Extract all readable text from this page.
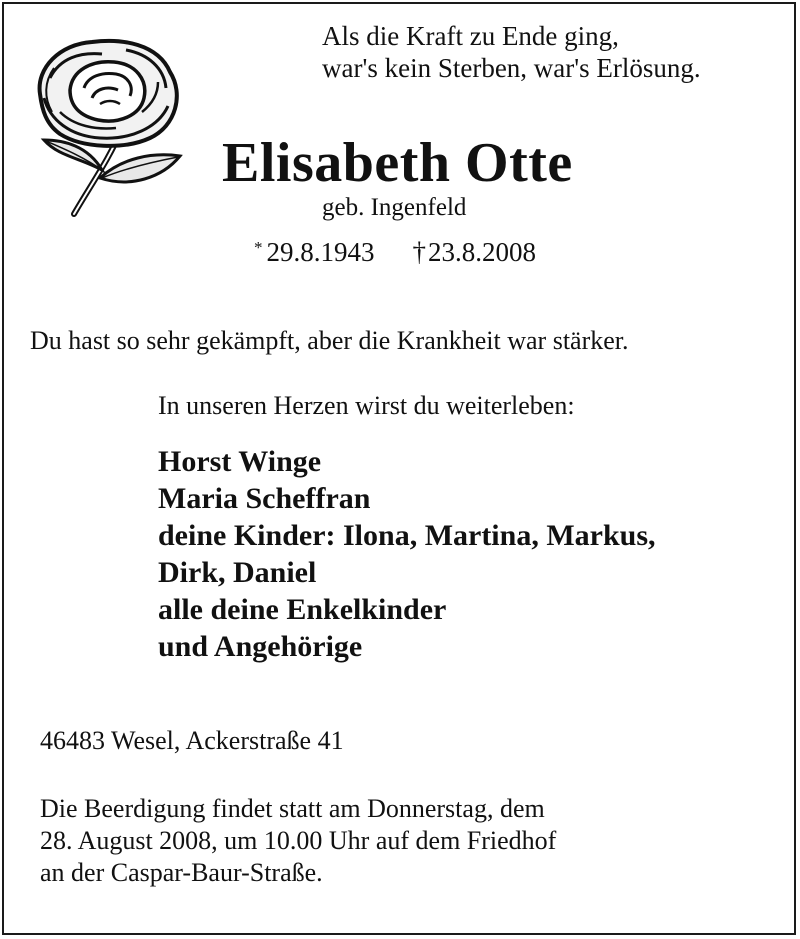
Als die Kraft zu Ende ging,
war's kein Sterben, war's Erlösung.
Elisabeth Otte
geb. Ingenfeld
* 29.8.1943 †23.8.2008
Du hast so sehr gekämpft, aber die Krankheit war stärker.
In unseren Herzen wirst du weiterleben:
Horst Winge
Maria Scheffran
deine Kinder: Ilona, Martina, Markus,
Dirk, Daniel
alle deine Enkelkinder
und Angehörige
46483 Wesel, Ackerstraße 41
Die Beerdigung findet statt am Donnerstag, dem
28. August 2008, um 10.00 Uhr auf dem Friedhof
an der Caspar-Baur-Straße.
